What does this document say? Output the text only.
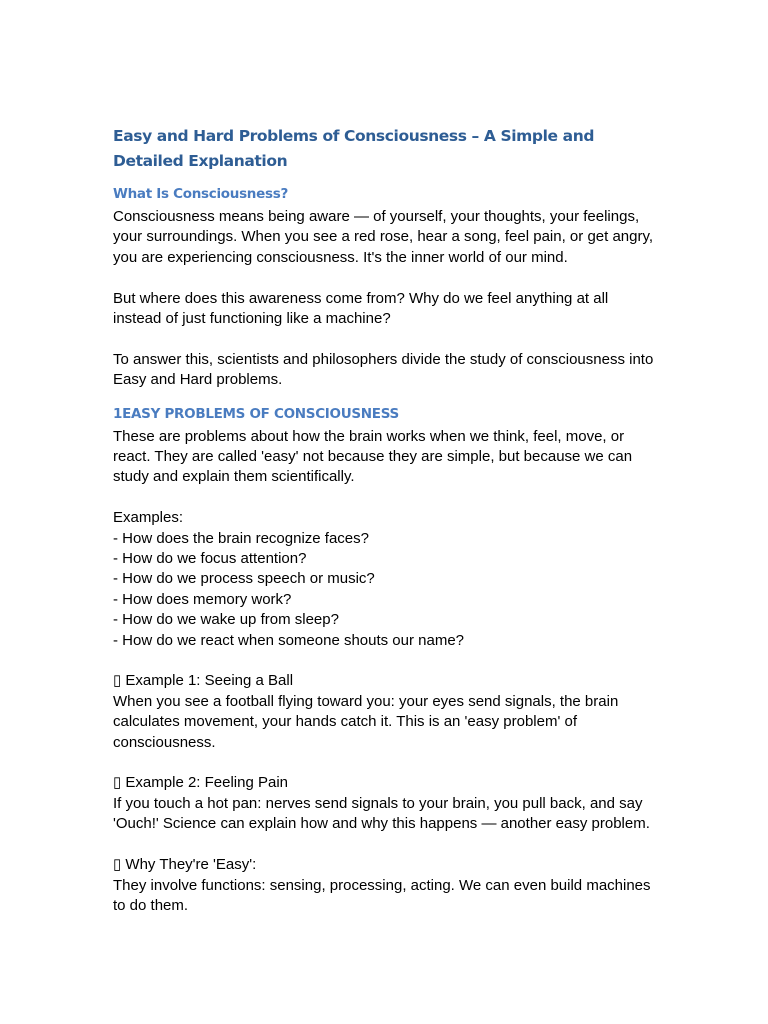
Easy and Hard Problems of Consciousness – A Simple and Detailed Explanation
What Is Consciousness?

Consciousness means being aware — of yourself, your thoughts, your feelings, your surroundings. When you see a red rose, hear a song, feel pain, or get angry, you are experiencing consciousness. It's the inner world of our mind.

But where does this awareness come from? Why do we feel anything at all instead of just functioning like a machine?

To answer this, scientists and philosophers divide the study of consciousness into Easy and Hard problems.

1EASY PROBLEMS OF CONSCIOUSNESS

These are problems about how the brain works when we think, feel, move, or react. They are called 'easy' not because they are simple, but because we can study and explain them scientifically.

Examples:
- How does the brain recognize faces?
- How do we focus attention?
- How do we process speech or music?
- How does memory work?
- How do we wake up from sleep?
- How do we react when someone shouts our name?
▯ Example 1: Seeing a Ball

When you see a football flying toward you: your eyes send signals, the brain calculates movement, your hands catch it. This is an 'easy problem' of consciousness.

▯ Example 2: Feeling Pain

If you touch a hot pan: nerves send signals to your brain, you pull back, and say 'Ouch!' Science can explain how and why this happens — another easy problem.

▯ Why They're 'Easy':

They involve functions: sensing, processing, acting. We can even build machines to do them.
